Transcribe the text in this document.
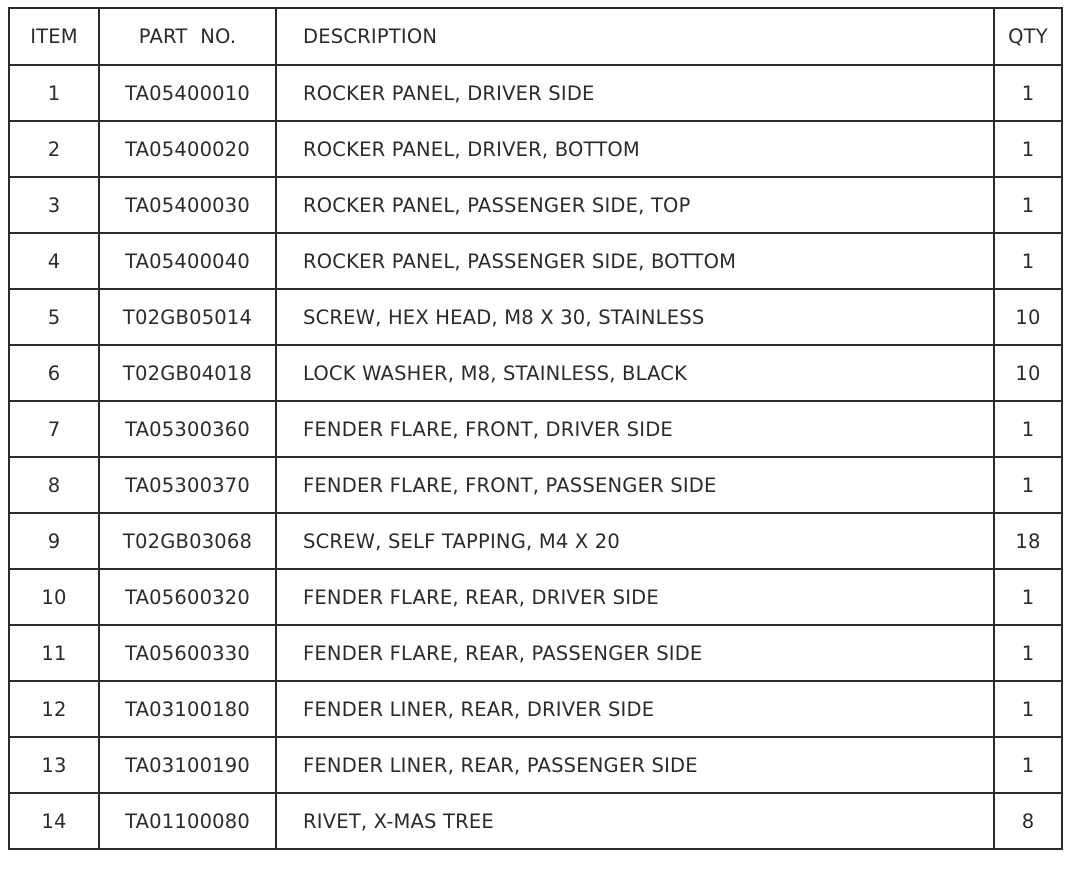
ITEM	PART  NO.	DESCRIPTION	QTY
1	TA05400010	ROCKER PANEL, DRIVER SIDE	1
2	TA05400020	ROCKER PANEL, DRIVER, BOTTOM	1
3	TA05400030	ROCKER PANEL, PASSENGER SIDE, TOP	1
4	TA05400040	ROCKER PANEL, PASSENGER SIDE, BOTTOM	1
5	T02GB05014	SCREW, HEX HEAD, M8 X 30, STAINLESS	10
6	T02GB04018	LOCK WASHER, M8, STAINLESS, BLACK	10
7	TA05300360	FENDER FLARE, FRONT, DRIVER SIDE	1
8	TA05300370	FENDER FLARE, FRONT, PASSENGER SIDE	1
9	T02GB03068	SCREW, SELF TAPPING, M4 X 20	18
10	TA05600320	FENDER FLARE, REAR, DRIVER SIDE	1
11	TA05600330	FENDER FLARE, REAR, PASSENGER SIDE	1
12	TA03100180	FENDER LINER, REAR, DRIVER SIDE	1
13	TA03100190	FENDER LINER, REAR, PASSENGER SIDE	1
14	TA01100080	RIVET, X-MAS TREE	8
